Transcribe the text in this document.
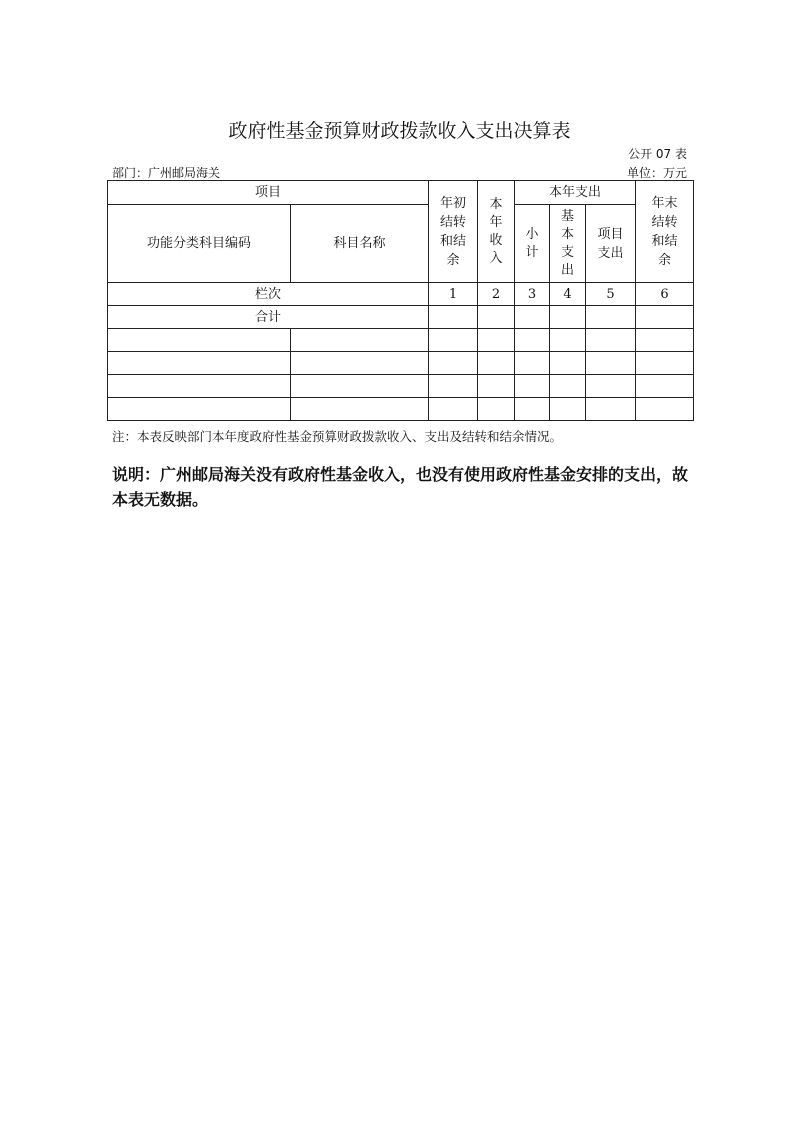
政府性基金预算财政拨款收入支出决算表
公开 07 表
部门：广州邮局海关	单位：万元
项目		年初结转和结余	本年收入	本年支出			年末结转和结余
功能分类科目编码	科目名称			小计	基本支出	项目支出	
栏次		1	2	3	4	5	6
合计							

注：本表反映部门本年度政府性基金预算财政拨款收入、支出及结转和结余情况。
说明：广州邮局海关没有政府性基金收入，也没有使用政府性基金安排的支出，故本表无数据。
